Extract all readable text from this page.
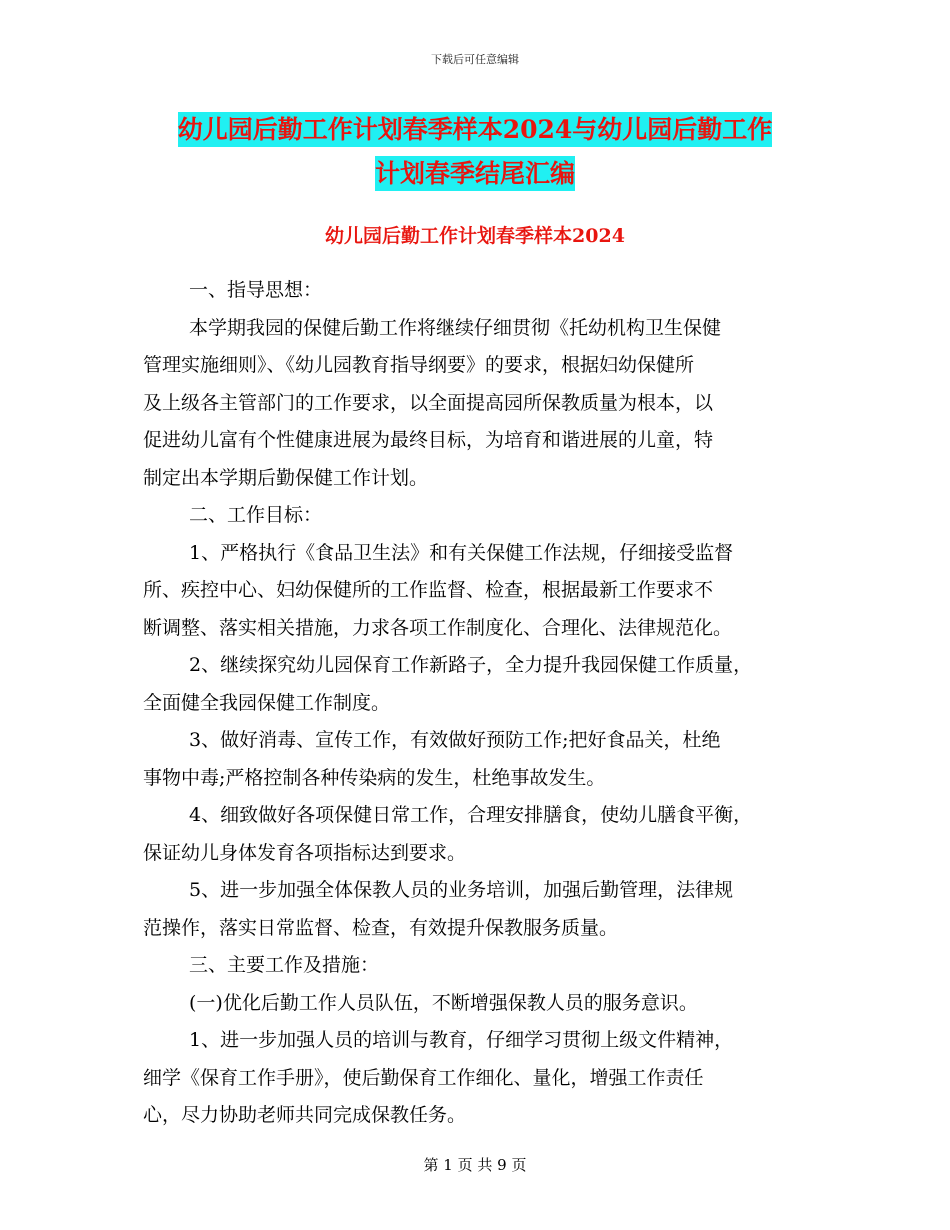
下载后可任意编辑
幼儿园后勤工作计划春季样本2024与幼儿园后勤工作
计划春季结尾汇编
幼儿园后勤工作计划春季样本2024

一、指导思想：

本学期我园的保健后勤工作将继续仔细贯彻《托幼机构卫生保健

管理实施细则》、《幼儿园教育指导纲要》的要求，根据妇幼保健所

及上级各主管部门的工作要求，以全面提高园所保教质量为根本，以

促进幼儿富有个性健康进展为最终目标，为培育和谐进展的儿童，特

制定出本学期后勤保健工作计划。

二、工作目标：

1、严格执行《食品卫生法》和有关保健工作法规，仔细接受监督

所、疾控中心、妇幼保健所的工作监督、检查，根据最新工作要求不

断调整、落实相关措施，力求各项工作制度化、合理化、法律规范化。

2、继续探究幼儿园保育工作新路子，全力提升我园保健工作质量，

全面健全我园保健工作制度。

3、做好消毒、宣传工作，有效做好预防工作;把好食品关，杜绝

事物中毒;严格控制各种传染病的发生，杜绝事故发生。

4、细致做好各项保健日常工作，合理安排膳食，使幼儿膳食平衡，

保证幼儿身体发育各项指标达到要求。

5、进一步加强全体保教人员的业务培训，加强后勤管理，法律规

范操作，落实日常监督、检查，有效提升保教服务质量。

三、主要工作及措施：

(一)优化后勤工作人员队伍，不断增强保教人员的服务意识。

1、进一步加强人员的培训与教育，仔细学习贯彻上级文件精神，

细学《保育工作手册》，使后勤保育工作细化、量化，增强工作责任

心，尽力协助老师共同完成保教任务。

第 1 页 共 9 页
